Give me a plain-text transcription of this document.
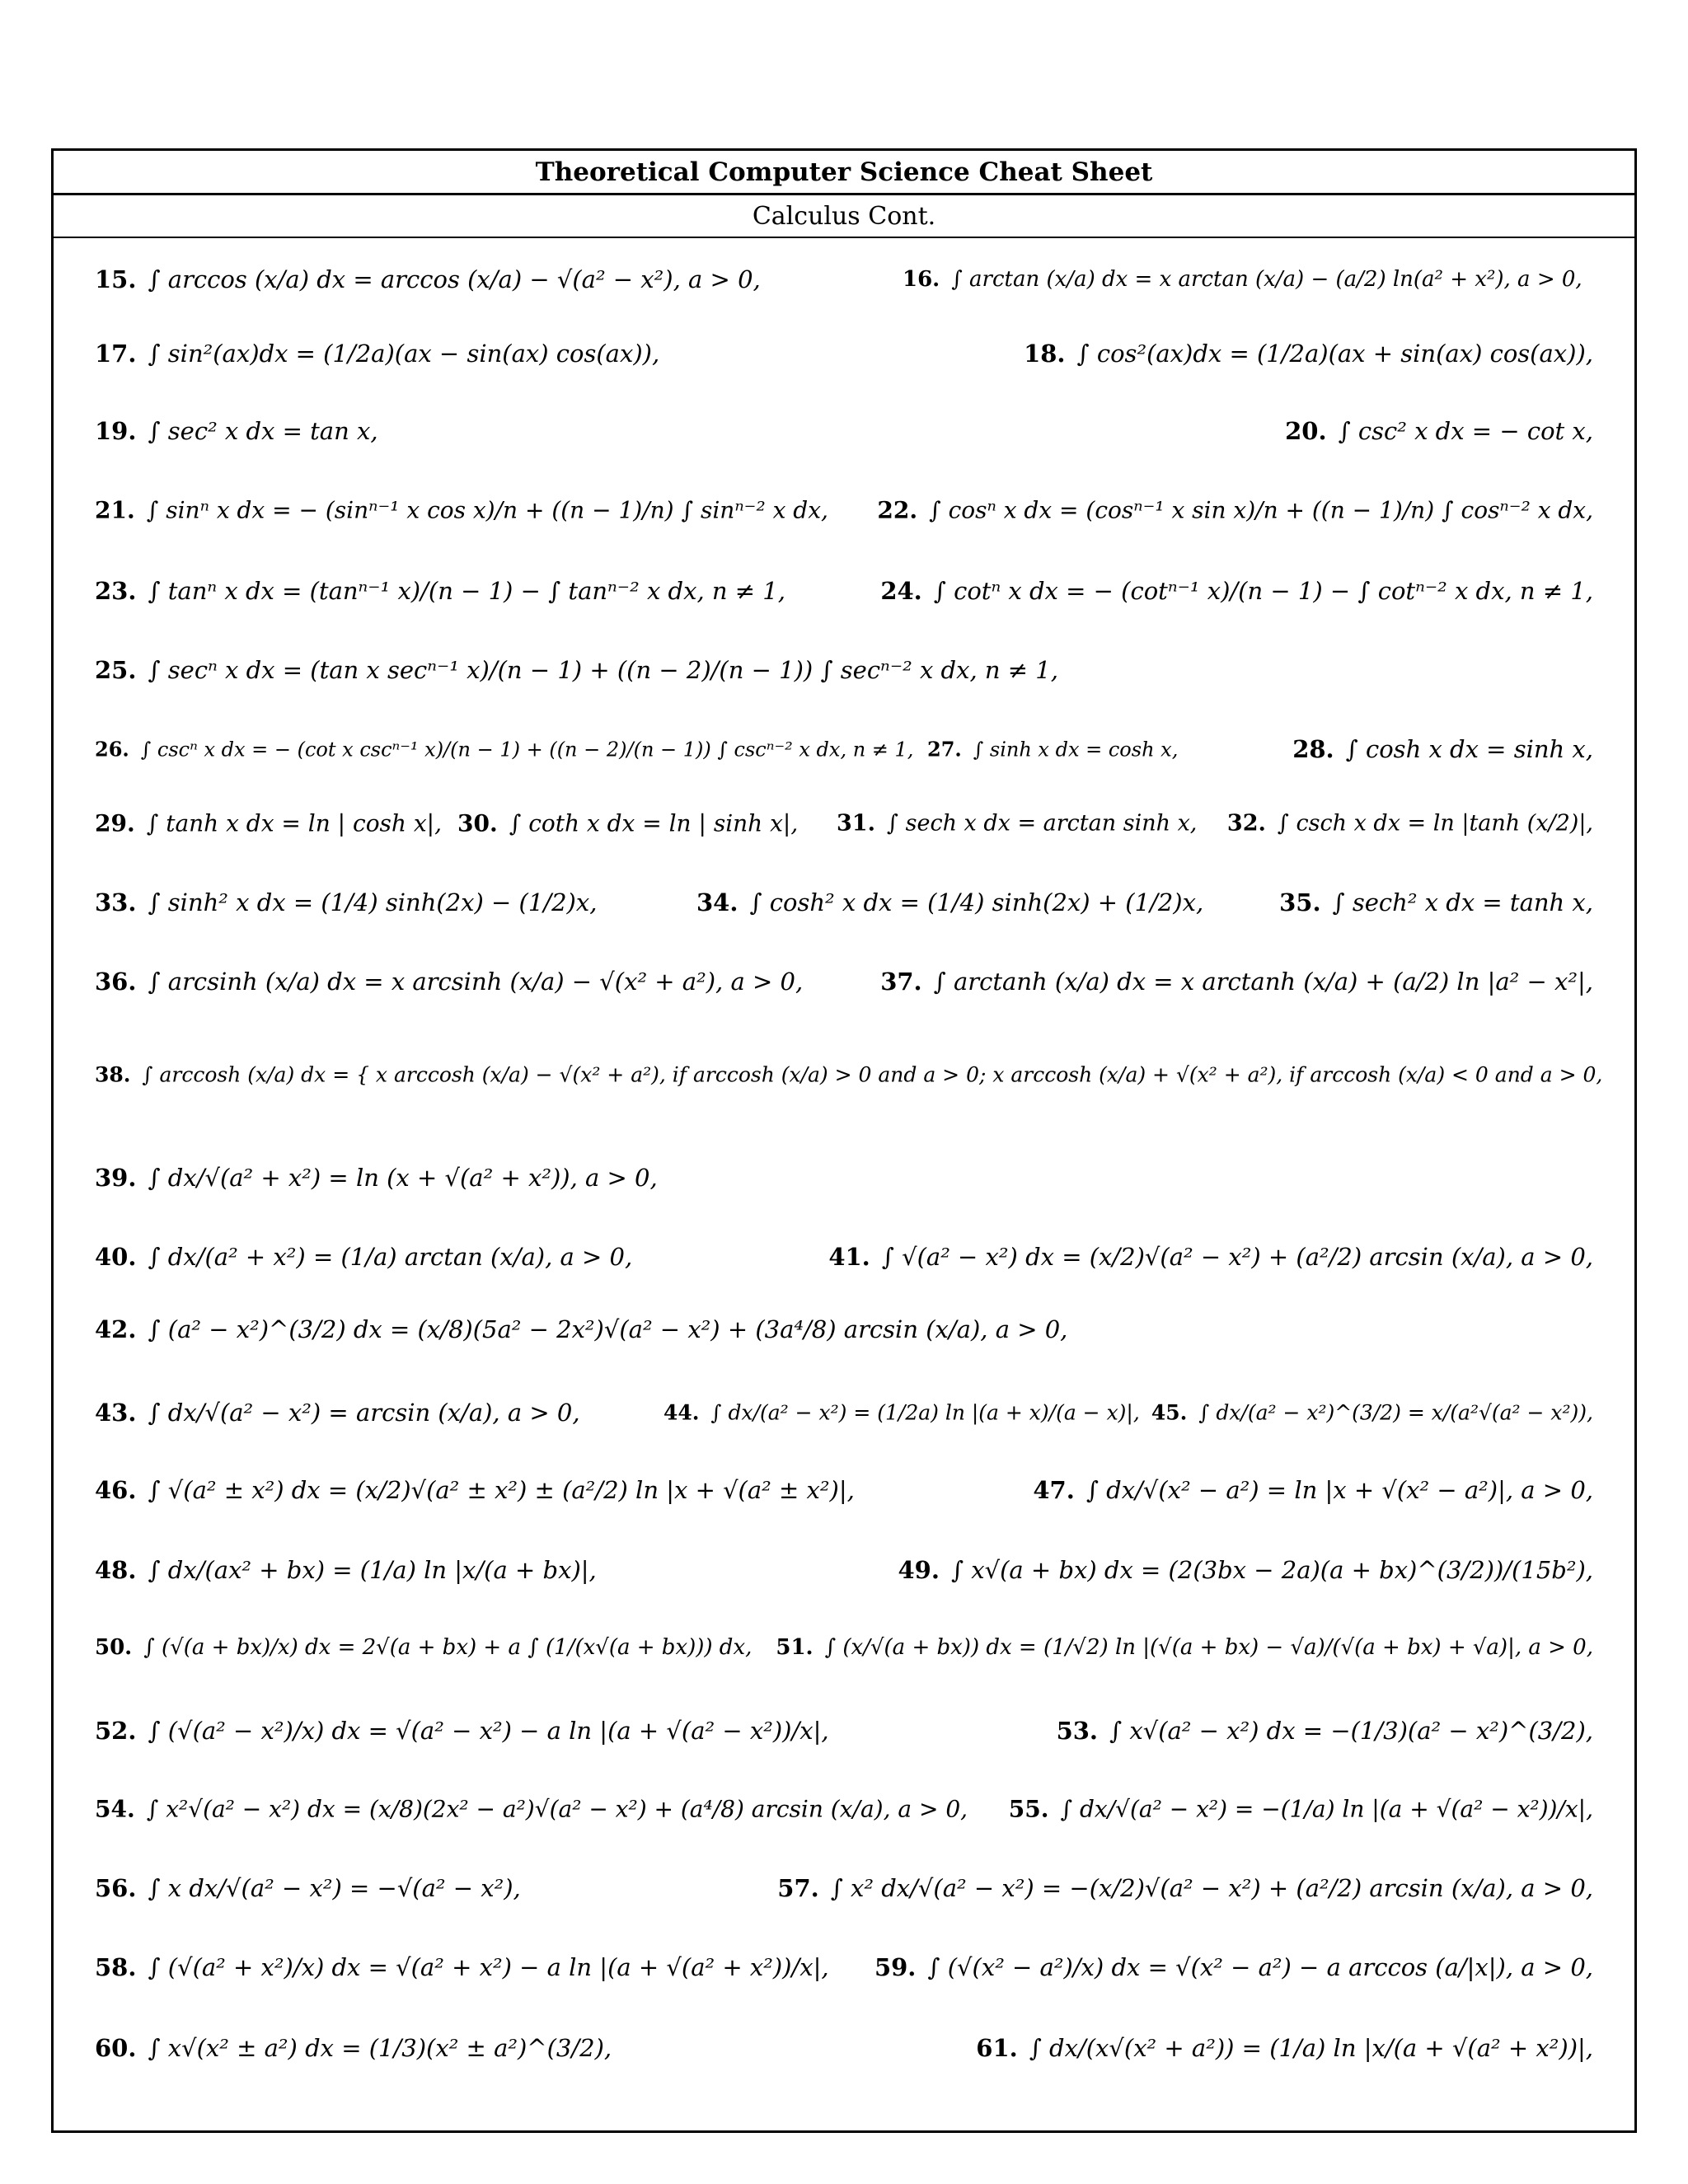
Theoretical Computer Science Cheat Sheet
Calculus Cont.
15. ∫ arccos (x/a) dx = arccos (x/a) − √(a² − x²), a > 0,	16. ∫ arctan (x/a) dx = x arctan (x/a) − (a/2) ln(a² + x²), a > 0,
17. ∫ sin²(ax)dx = (1/2a)(ax − sin(ax) cos(ax)),	18. ∫ cos²(ax)dx = (1/2a)(ax + sin(ax) cos(ax)),
19. ∫ sec² x dx = tan x,	20. ∫ csc² x dx = − cot x,
21. ∫ sinⁿ x dx = − (sinⁿ⁻¹ x cos x)/n + ((n − 1)/n) ∫ sinⁿ⁻² x dx, 22. ∫ cosⁿ x dx = (cosⁿ⁻¹ x sin x)/n + ((n − 1)/n) ∫ cosⁿ⁻² x dx,
23. ∫ tanⁿ x dx = (tanⁿ⁻¹ x)/(n − 1) − ∫ tanⁿ⁻² x dx, n ≠ 1,	24. ∫ cotⁿ x dx = − (cotⁿ⁻¹ x)/(n − 1) − ∫ cotⁿ⁻² x dx, n ≠ 1,
25. ∫ secⁿ x dx = (tan x secⁿ⁻¹ x)/(n − 1) + ((n − 2)/(n − 1)) ∫ secⁿ⁻² x dx, n ≠ 1,
26. ∫ cscⁿ x dx = − (cot x cscⁿ⁻¹ x)/(n − 1) + ((n − 2)/(n − 1)) ∫ cscⁿ⁻² x dx, n ≠ 1, 27. ∫ sinh x dx = cosh x,	28. ∫ cosh x dx = sinh x,
29. ∫ tanh x dx = ln | cosh x|, 30. ∫ coth x dx = ln | sinh x|, 31. ∫ sech x dx = arctan sinh x, 32. ∫ csch x dx = ln |tanh (x/2)|,
33. ∫ sinh² x dx = (1/4) sinh(2x) − (1/2)x,	34. ∫ cosh² x dx = (1/4) sinh(2x) + (1/2)x,	35. ∫ sech² x dx = tanh x,
36. ∫ arcsinh (x/a) dx = x arcsinh (x/a) − √(x² + a²), a > 0,	37. ∫ arctanh (x/a) dx = x arctanh (x/a) + (a/2) ln |a² − x²|,
38. ∫ arccosh (x/a) dx = { x arccosh (x/a) − √(x² + a²), if arccosh (x/a) > 0 and a > 0; x arccosh (x/a) + √(x² + a²), if arccosh (x/a) < 0 and a > 0,
39. ∫ dx/√(a² + x²) = ln (x + √(a² + x²)), a > 0,
40. ∫ dx/(a² + x²) = (1/a) arctan (x/a), a > 0,	41. ∫ √(a² − x²) dx = (x/2)√(a² − x²) + (a²/2) arcsin (x/a), a > 0,
42. ∫ (a² − x²)^(3/2) dx = (x/8)(5a² − 2x²)√(a² − x²) + (3a⁴/8) arcsin (x/a), a > 0,
43. ∫ dx/√(a² − x²) = arcsin (x/a), a > 0,	44. ∫ dx/(a² − x²) = (1/2a) ln |(a + x)/(a − x)|, 45. ∫ dx/(a² − x²)^(3/2) = x/(a²√(a² − x²)),
46. ∫ √(a² ± x²) dx = (x/2)√(a² ± x²) ± (a²/2) ln |x + √(a² ± x²)|,	47. ∫ dx/√(x² − a²) = ln |x + √(x² − a²)|, a > 0,
48. ∫ dx/(ax² + bx) = (1/a) ln |x/(a + bx)|,	49. ∫ x√(a + bx) dx = (2(3bx − 2a)(a + bx)^(3/2))/(15b²),
50. ∫ (√(a + bx)/x) dx = 2√(a + bx) + a ∫ (1/(x√(a + bx))) dx, 51. ∫ (x/√(a + bx)) dx = (1/√2) ln |(√(a + bx) − √a)/(√(a + bx) + √a)|, a > 0,
52. ∫ (√(a² − x²)/x) dx = √(a² − x²) − a ln |(a + √(a² − x²))/x|,	53. ∫ x√(a² − x²) dx = −(1/3)(a² − x²)^(3/2),
54. ∫ x²√(a² − x²) dx = (x/8)(2x² − a²)√(a² − x²) + (a⁴/8) arcsin (x/a), a > 0, 55. ∫ dx/√(a² − x²) = −(1/a) ln |(a + √(a² − x²))/x|,
56. ∫ x dx/√(a² − x²) = −√(a² − x²),	57. ∫ x² dx/√(a² − x²) = −(x/2)√(a² − x²) + (a²/2) arcsin (x/a), a > 0,
58. ∫ (√(a² + x²)/x) dx = √(a² + x²) − a ln |(a + √(a² + x²))/x|, 59. ∫ (√(x² − a²)/x) dx = √(x² − a²) − a arccos (a/|x|), a > 0,
60. ∫ x√(x² ± a²) dx = (1/3)(x² ± a²)^(3/2),	61. ∫ dx/(x√(x² + a²)) = (1/a) ln |x/(a + √(a² + x²))|,
